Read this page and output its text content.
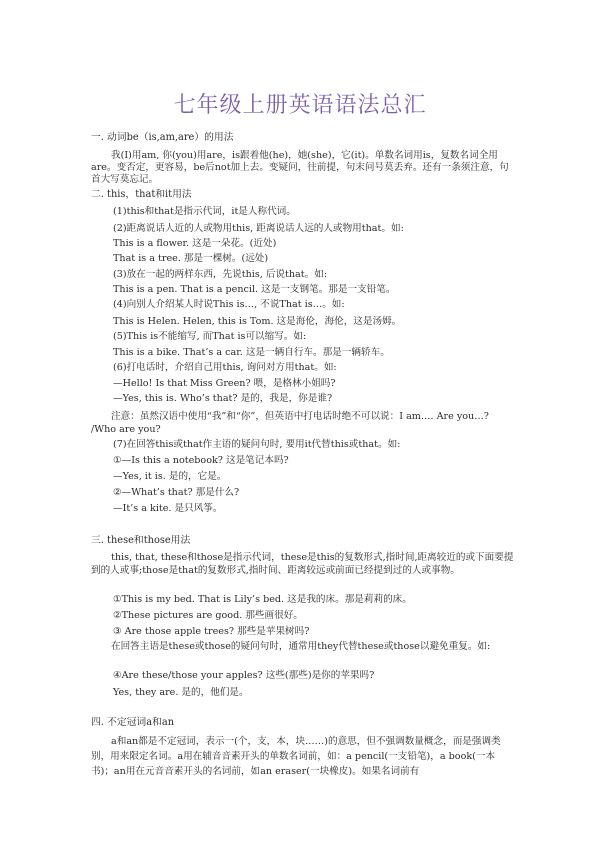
七年级上册英语语法总汇
一. 动词be（is,am,are）的用法
我(I)用am, 你(you)用are，is跟着他(he)，她(she)，它(it)。单数名词用is，复数名词全用are。变否定，更容易，be后not加上去。变疑问，往前提，句末问号莫丢弃。还有一条须注意，句首大写莫忘记。
二. this，that和it用法
(1)this和that是指示代词，it是人称代词。
(2)距离说话人近的人或物用this, 距离说话人远的人或物用that。如:
This is a flower. 这是一朵花。(近处)
That is a tree. 那是一棵树。(远处)
(3)放在一起的两样东西，先说this, 后说that。如:
This is a pen. That is a pencil. 这是一支钢笔。那是一支铅笔。
(4)向别人介绍某人时说This is…, 不说That is…。如:
This is Helen. Helen, this is Tom. 这是海伦，海伦，这是汤姆。
(5)This is不能缩写, 而That is可以缩写。如:
This is a bike. That’s a car. 这是一辆自行车。那是一辆轿车。
(6)打电话时，介绍自己用this, 询问对方用that。如:
—Hello! Is that Miss Green? 喂，是格林小姐吗?
—Yes, this is. Who’s that? 是的，我是，你是谁?
注意：虽然汉语中使用“我”和“你”，但英语中打电话时绝不可以说：I am…. Are you…? /Who are you?
(7)在回答this或that作主语的疑问句时, 要用it代替this或that。如:
①—Is this a notebook? 这是笔记本吗?
—Yes, it is. 是的，它是。
②—What’s that? 那是什么?
—It’s a kite. 是只风筝。
三. these和those用法
this, that, these和those是指示代词，these是this的复数形式,指时间,距离较近的或下面要提到的人或事;those是that的复数形式,指时间、距离较远或前面已经提到过的人或事物。
①This is my bed. That is Lily’s bed. 这是我的床。那是莉莉的床。
②These pictures are good. 那些画很好。
③ Are those apple trees? 那些是苹果树吗?
在回答主语是these或those的疑问句时，通常用they代替these或those以避免重复。如:
④Are these/those your apples? 这些(那些)是你的苹果吗?
Yes, they are. 是的，他们是。
四. 不定冠词a和an
a和an都是不定冠词，表示一(个，支，本，块……)的意思，但不强调数量概念，而是强调类别，用来限定名词。a用在辅音音素开头的单数名词前，如：a pencil(一支铅笔)，a book(一本书)；an用在元音音素开头的名词前，如an eraser(一块橡皮)。如果名词前有
